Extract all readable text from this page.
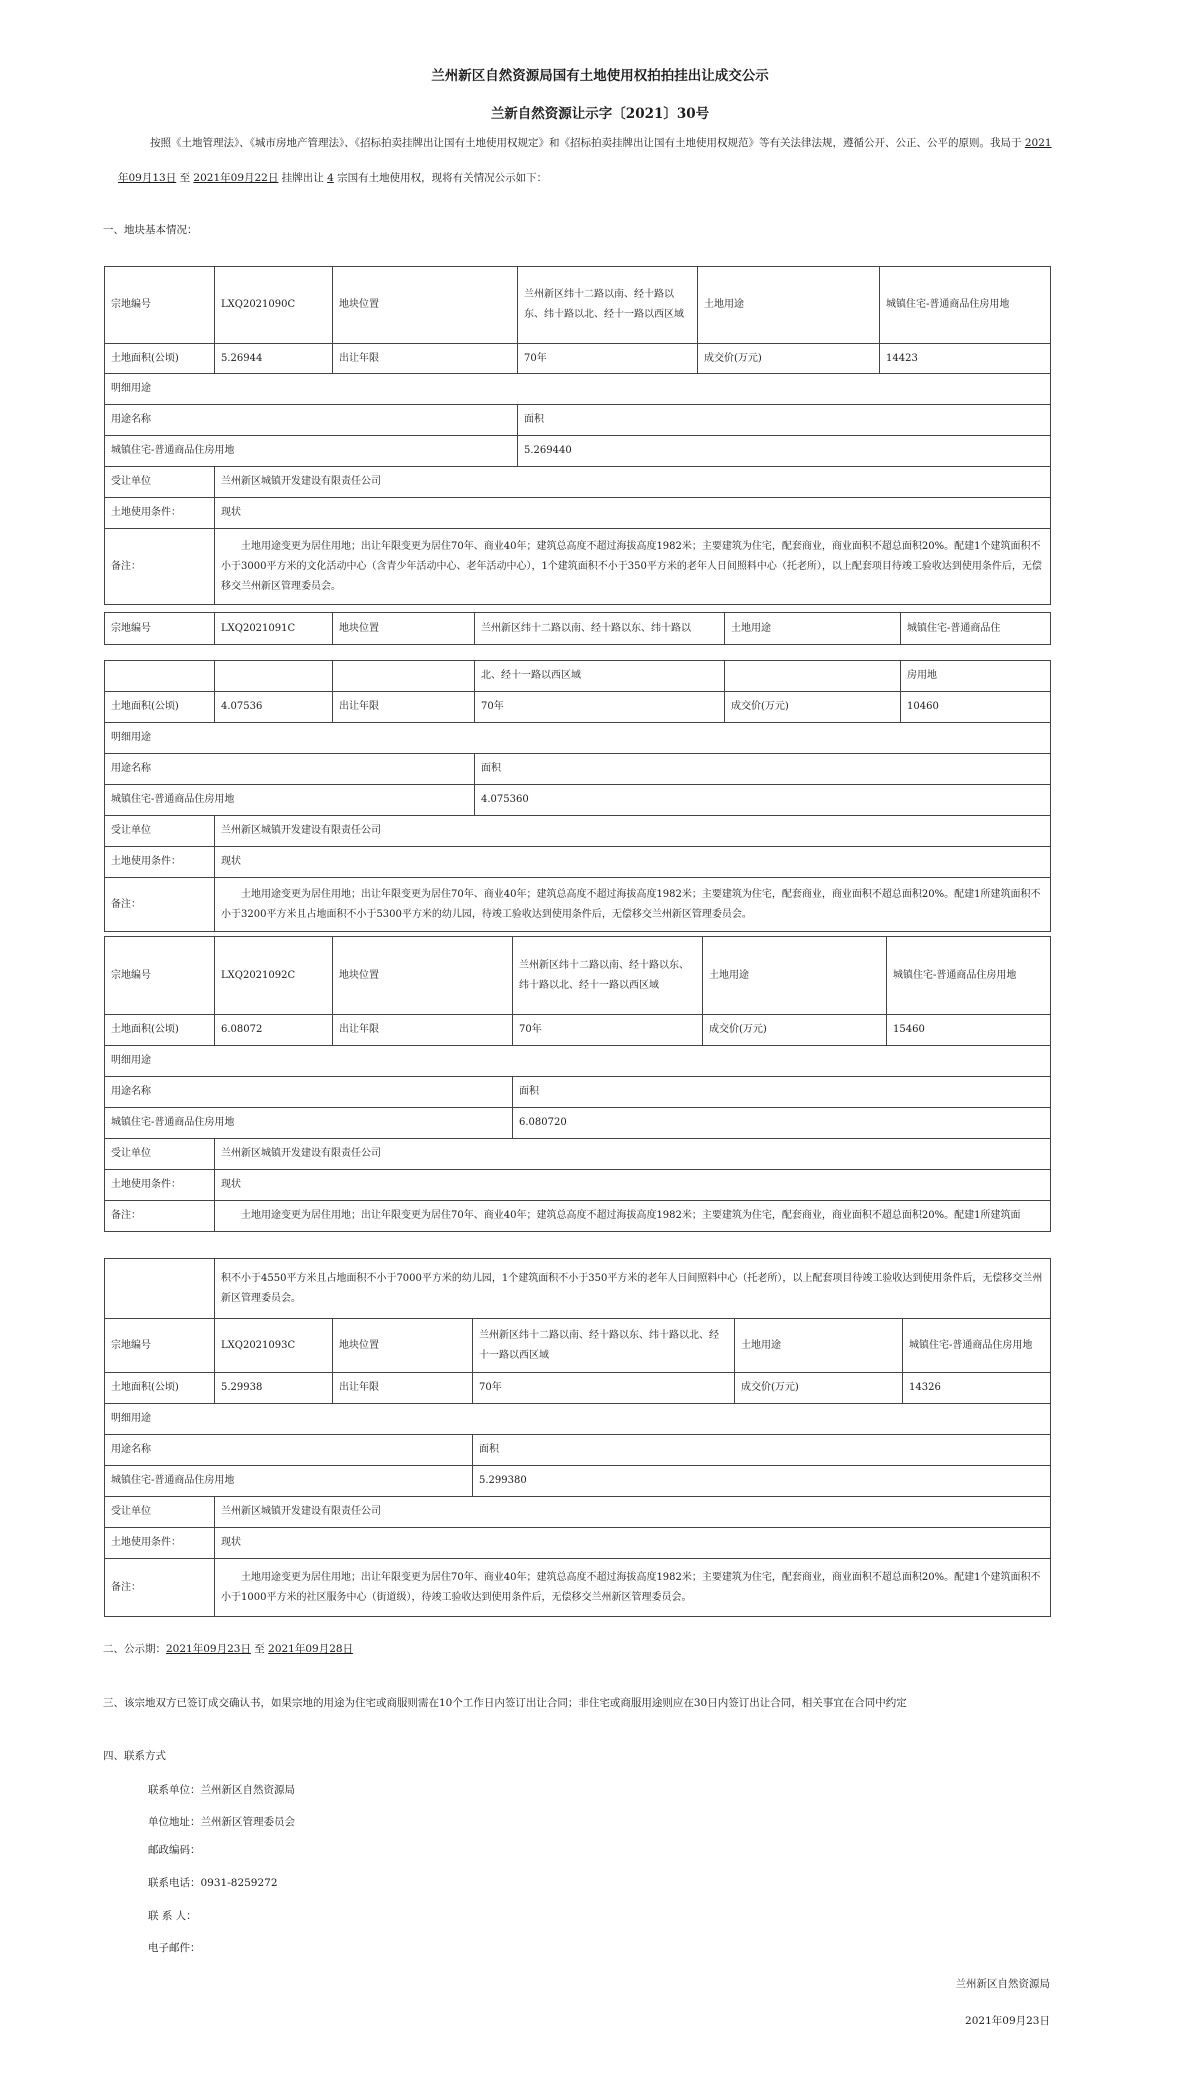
兰州新区自然资源局国有土地使用权拍拍挂出让成交公示
兰新自然资源让示字〔2021〕30号
按照《土地管理法》、《城市房地产管理法》、《招标拍卖挂牌出让国有土地使用权规定》和《招标拍卖挂牌出让国有土地使用权规范》等有关法律法规，遵循公开、公正、公平的原则。我局于 2021年09月13日 至 2021年09月22日 挂牌出让 4 宗国有土地使用权，现将有关情况公示如下：
一、地块基本情况：
宗地编号	LXQ2021090C	地块位置	兰州新区纬十二路以南、经十路以东、纬十路以北、经十一路以西区域	土地用途	城镇住宅-普通商品住房用地
土地面积(公顷)	5.26944	出让年限	70年	成交价(万元)	14423
明细用途					
用途名称			面积		
城镇住宅-普通商品住房用地			5.269440		
受让单位	兰州新区城镇开发建设有限责任公司				
土地使用条件：	现状				
备注：	土地用途变更为居住用地；出让年限变更为居住70年、商业40年；建筑总高度不超过海拔高度1982米；主要建筑为住宅，配套商业，商业面积不超总面积20%。配建1个建筑面积不小于3000平方米的文化活动中心（含青少年活动中心、老年活动中心），1个建筑面积不小于350平方米的老年人日间照料中心（托老所），以上配套项目待竣工验收达到使用条件后，无偿移交兰州新区管理委员会。				
宗地编号	LXQ2021091C	地块位置	兰州新区纬十二路以南、经十路以东、纬十路以	土地用途	城镇住宅-普通商品住
			北、经十一路以西区域		房用地
土地面积(公顷)	4.07536	出让年限	70年	成交价(万元)	10460
明细用途					
用途名称			面积		
城镇住宅-普通商品住房用地			4.075360		
受让单位	兰州新区城镇开发建设有限责任公司				
土地使用条件：	现状				
备注：	土地用途变更为居住用地；出让年限变更为居住70年、商业40年；建筑总高度不超过海拔高度1982米；主要建筑为住宅，配套商业，商业面积不超总面积20%。配建1所建筑面积不小于3200平方米且占地面积不小于5300平方米的幼儿园，待竣工验收达到使用条件后，无偿移交兰州新区管理委员会。				
宗地编号	LXQ2021092C	地块位置	兰州新区纬十二路以南、经十路以东、纬十路以北、经十一路以西区域	土地用途	城镇住宅-普通商品住房用地
土地面积(公顷)	6.08072	出让年限	70年	成交价(万元)	15460
明细用途					
用途名称			面积		
城镇住宅-普通商品住房用地			6.080720		
受让单位	兰州新区城镇开发建设有限责任公司				
土地使用条件：	现状				
备注：	土地用途变更为居住用地；出让年限变更为居住70年、商业40年；建筑总高度不超过海拔高度1982米；主要建筑为住宅，配套商业，商业面积不超总面积20%。配建1所建筑面				
	积不小于4550平方米且占地面积不小于7000平方米的幼儿园，1个建筑面积不小于350平方米的老年人日间照料中心（托老所），以上配套项目待竣工验收达到使用条件后，无偿移交兰州新区管理委员会。				
宗地编号	LXQ2021093C	地块位置	兰州新区纬十二路以南、经十路以东、纬十路以北、经十一路以西区域	土地用途	城镇住宅-普通商品住房用地
土地面积(公顷)	5.29938	出让年限	70年	成交价(万元)	14326
明细用途					
用途名称			面积		
城镇住宅-普通商品住房用地			5.299380		
受让单位	兰州新区城镇开发建设有限责任公司				
土地使用条件：	现状				
备注：	土地用途变更为居住用地；出让年限变更为居住70年、商业40年；建筑总高度不超过海拔高度1982米；主要建筑为住宅，配套商业，商业面积不超总面积20%。配建1个建筑面积不小于1000平方米的社区服务中心（街道级），待竣工验收达到使用条件后，无偿移交兰州新区管理委员会。				
二、公示期：2021年09月23日 至 2021年09月28日
三、该宗地双方已签订成交确认书，如果宗地的用途为住宅或商服则需在10个工作日内签订出让合同；非住宅或商服用途则应在30日内签订出让合同，相关事宜在合同中约定
四、联系方式
联系单位：兰州新区自然资源局
单位地址：兰州新区管理委员会
邮政编码：
联系电话：0931-8259272
联 系 人：
电子邮件：
兰州新区自然资源局
2021年09月23日
